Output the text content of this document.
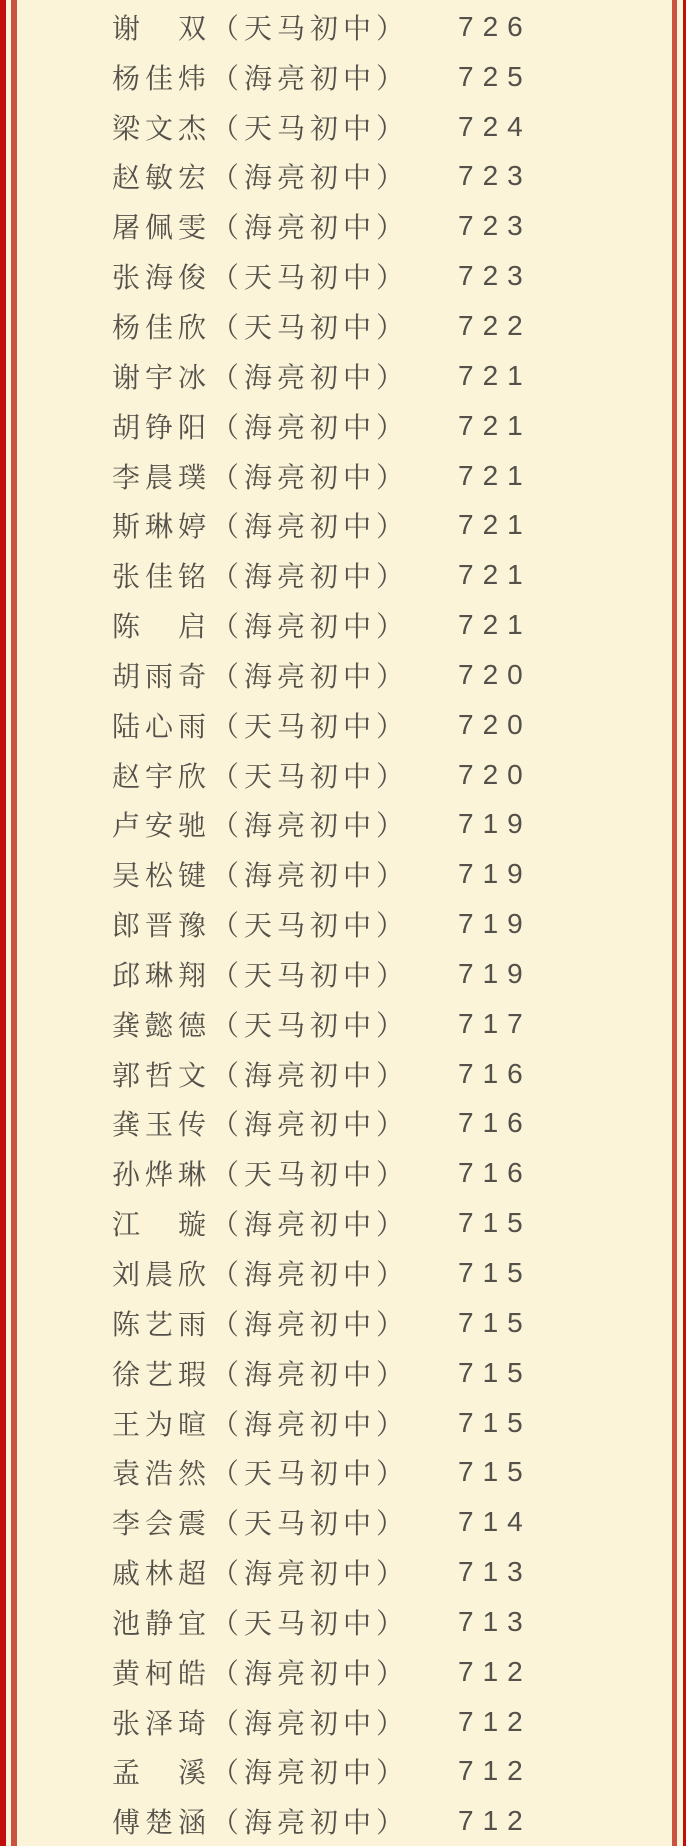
谢　双（天马初中） 726
杨佳炜（海亮初中） 725
梁文杰（天马初中） 724
赵敏宏（海亮初中） 723
屠佩雯（海亮初中） 723
张海俊（天马初中） 723
杨佳欣（天马初中） 722
谢宇冰（海亮初中） 721
胡铮阳（海亮初中） 721
李晨璞（海亮初中） 721
斯琳婷（海亮初中） 721
张佳铭（海亮初中） 721
陈　启（海亮初中） 721
胡雨奇（海亮初中） 720
陆心雨（天马初中） 720
赵宇欣（天马初中） 720
卢安驰（海亮初中） 719
吴松键（海亮初中） 719
郎晋豫（天马初中） 719
邱琳翔（天马初中） 719
龚懿德（天马初中） 717
郭哲文（海亮初中） 716
龚玉传（海亮初中） 716
孙烨琳（天马初中） 716
江　璇（海亮初中） 715
刘晨欣（海亮初中） 715
陈艺雨（海亮初中） 715
徐艺瑕（海亮初中） 715
王为暄（海亮初中） 715
袁浩然（天马初中） 715
李会震（天马初中） 714
戚林超（海亮初中） 713
池静宜（天马初中） 713
黄柯皓（海亮初中） 712
张泽琦（海亮初中） 712
孟　溪（海亮初中） 712
傅楚涵（海亮初中） 712
